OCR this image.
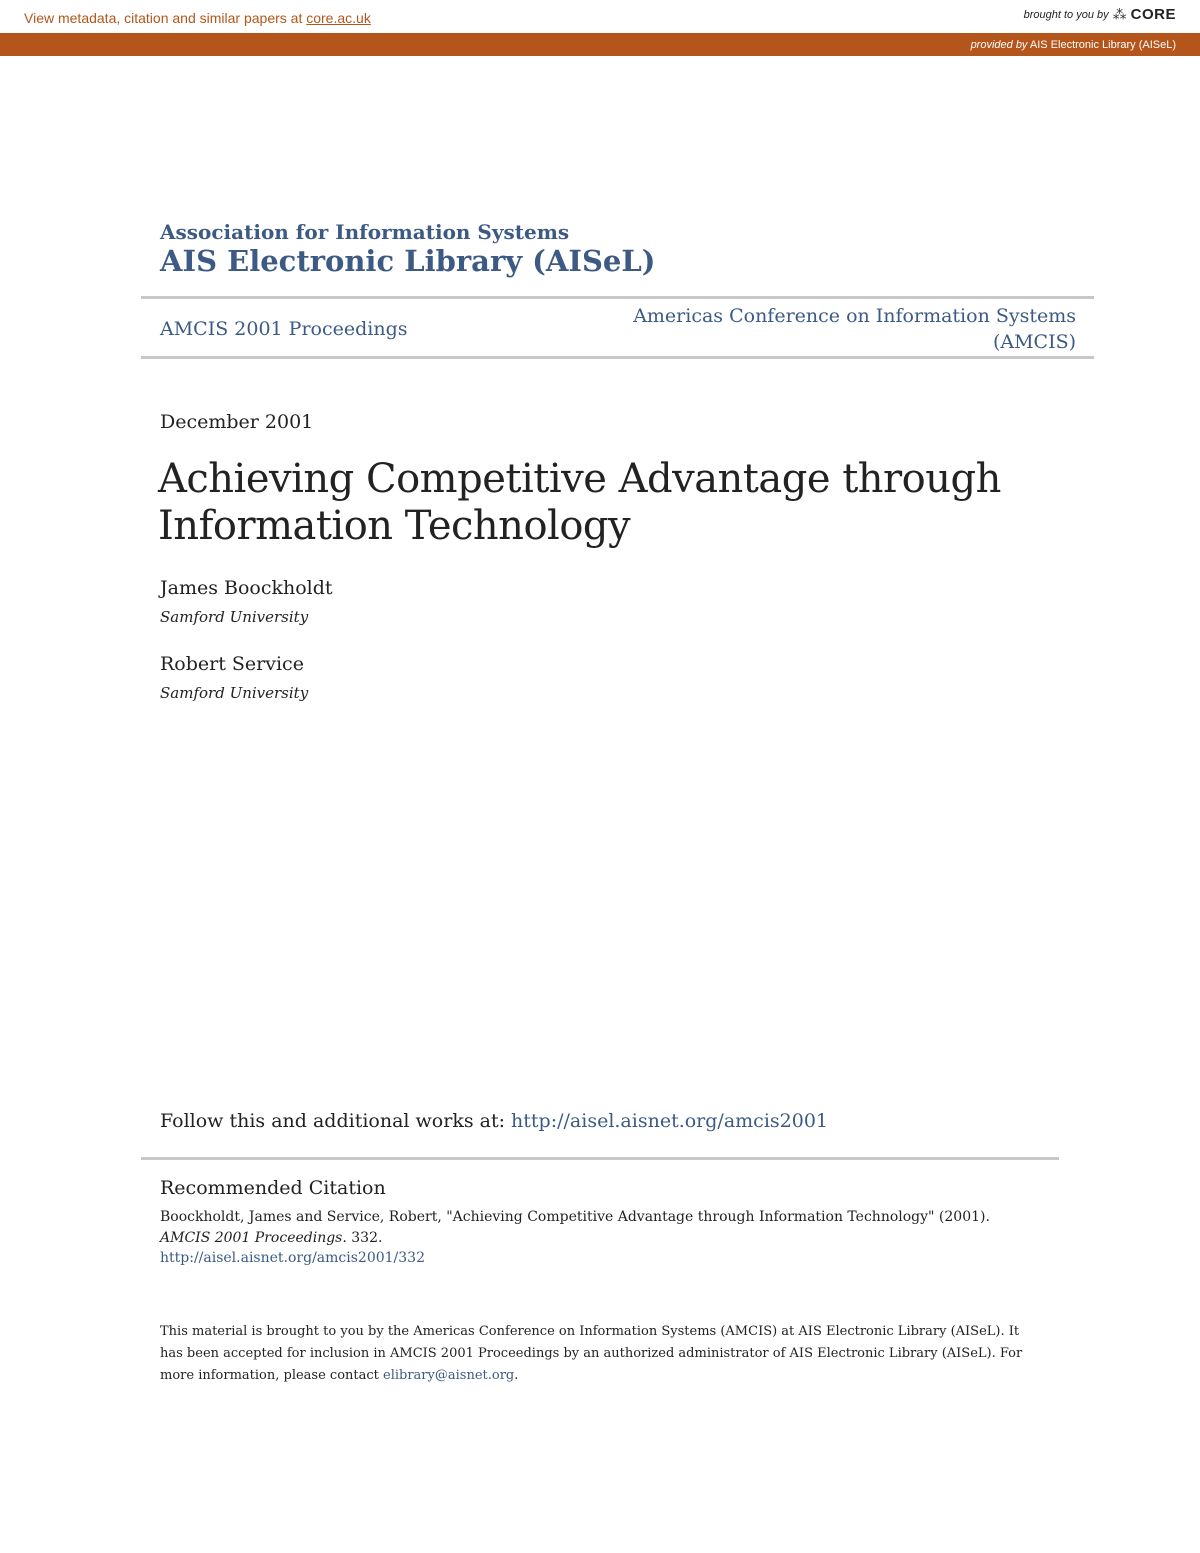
View metadata, citation and similar papers at core.ac.uk	brought to you by ⁂ CORE
provided by AIS Electronic Library (AISeL)
Association for Information Systems
AIS Electronic Library (AISeL)
AMCIS 2001 Proceedings
Americas Conference on Information Systems
(AMCIS)
December 2001
Achieving Competitive Advantage through
Information Technology
James Boockholdt
Samford University
Robert Service
Samford University
Follow this and additional works at: http://aisel.aisnet.org/amcis2001
Recommended Citation
Boockholdt, James and Service, Robert, "Achieving Competitive Advantage through Information Technology" (2001). AMCIS 2001 Proceedings. 332.
http://aisel.aisnet.org/amcis2001/332
This material is brought to you by the Americas Conference on Information Systems (AMCIS) at AIS Electronic Library (AISeL). It has been accepted for inclusion in AMCIS 2001 Proceedings by an authorized administrator of AIS Electronic Library (AISeL). For more information, please contact elibrary@aisnet.org.
